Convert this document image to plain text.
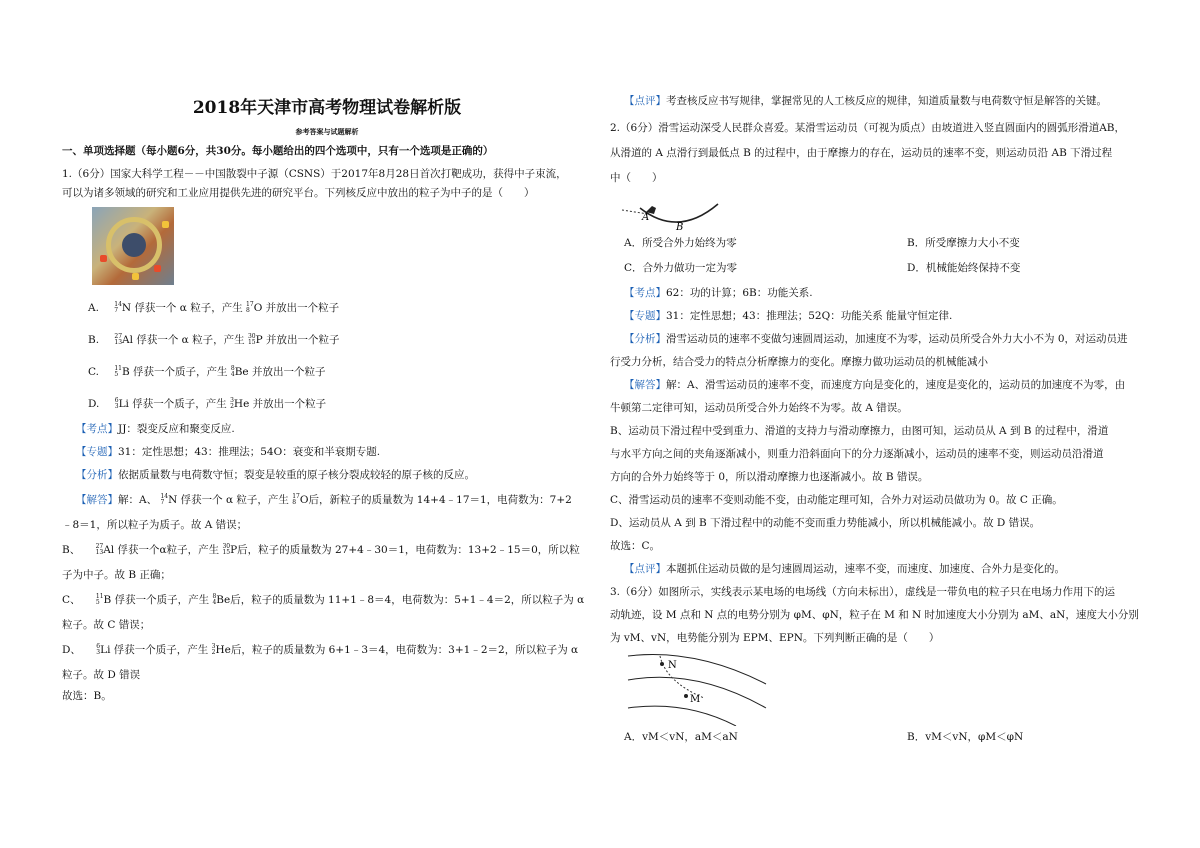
2018年天津市高考物理试卷解析版

参考答案与试题解析

一、单项选择题（每小题6分，共30分。每小题给出的四个选项中，只有一个选项是正确的）

1.（6分）国家大科学工程－－中国散裂中子源（CSNS）于2017年8月28日首次打靶成功，获得中子束流，

可以为诸多领域的研究和工业应用提供先进的研究平台。下列核反应中放出的粒子为中子的是（　　）

A.	14
7 N 俘获一个 α 粒子，产生 17
8 O 并放出一个粒子

B.	27
13 Al 俘获一个 α 粒子，产生 30
15 P 并放出一个粒子

C.	11
5 B 俘获一个质子，产生 8
4 Be 并放出一个粒子

D.	6
3 Li 俘获一个质子，产生 3
2 He 并放出一个粒子

【考点】JJ：裂变反应和聚变反应.

【专题】31：定性思想；43：推理法；54O：衰变和半衰期专题.

【分析】依据质量数与电荷数守恒；裂变是较重的原子核分裂成较轻的原子核的反应。

【解答】解：A、 14
7 N 俘获一个 α 粒子，产生 17
8 O后，新粒子的质量数为 14+4﹣17＝1，电荷数为：7+2

﹣8＝1，所以粒子为质子。故 A 错误；

B、	27
13 Al 俘获一个α粒子，产生 30
15 P后，粒子的质量数为 27+4﹣30＝1，电荷数为：13+2﹣15＝0，所以粒

子为中子。故 B 正确；

C、	11
5 B 俘获一个质子，产生 8
4 Be后，粒子的质量数为 11+1﹣8＝4，电荷数为：5+1﹣4＝2，所以粒子为 α

粒子。故 C 错误；

D、	6
3 Li 俘获一个质子，产生 3
2 He后，粒子的质量数为 6+1﹣3＝4，电荷数为：3+1﹣2＝2，所以粒子为 α

粒子。故 D 错误

故选：B。

【点评】考查核反应书写规律，掌握常见的人工核反应的规律，知道质量数与电荷数守恒是解答的关键。

2.（6分）滑雪运动深受人民群众喜爱。某滑雪运动员（可视为质点）由坡道进入竖直圆面内的圆弧形滑道AB，

从滑道的 A 点滑行到最低点 B 的过程中，由于摩擦力的存在，运动员的速率不变，则运动员沿 AB 下滑过程

中（　　）

A
B
A．所受合外力始终为零	B．所受摩擦力大小不变
C．合外力做功一定为零	D．机械能始终保持不变

【考点】62：功的计算；6B：功能关系.

【专题】31：定性思想；43：推理法；52Q：功能关系 能量守恒定律.

【分析】滑雪运动员的速率不变做匀速圆周运动，加速度不为零，运动员所受合外力大小不为 0，对运动员进

行受力分析，结合受力的特点分析摩擦力的变化。摩擦力做功运动员的机械能减小

【解答】解：A、滑雪运动员的速率不变，而速度方向是变化的，速度是变化的，运动员的加速度不为零，由

牛顿第二定律可知，运动员所受合外力始终不为零。故 A 错误。

B、运动员下滑过程中受到重力、滑道的支持力与滑动摩擦力，由图可知，运动员从 A 到 B 的过程中，滑道

与水平方向之间的夹角逐渐减小，则重力沿斜面向下的分力逐渐减小，运动员的速率不变，则运动员沿滑道

方向的合外力始终等于 0，所以滑动摩擦力也逐渐减小。故 B 错误。

C、滑雪运动员的速率不变则动能不变，由动能定理可知，合外力对运动员做功为 0。故 C 正确。

D、运动员从 A 到 B 下滑过程中的动能不变而重力势能减小，所以机械能减小。故 D 错误。

故选：C。

【点评】本题抓住运动员做的是匀速圆周运动，速率不变，而速度、加速度、合外力是变化的。

3.（6分）如图所示，实线表示某电场的电场线（方向未标出），虚线是一带负电的粒子只在电场力作用下的运

动轨迹，设 M 点和 N 点的电势分别为 φM、φN，粒子在 M 和 N 时加速度大小分别为 aM、aN，速度大小分别

为 vM、vN，电势能分别为 EPM、EPN。下列判断正确的是（　　）

N
M
A．vM＜vN，aM＜aN	B．vM＜vN，φM＜φN
